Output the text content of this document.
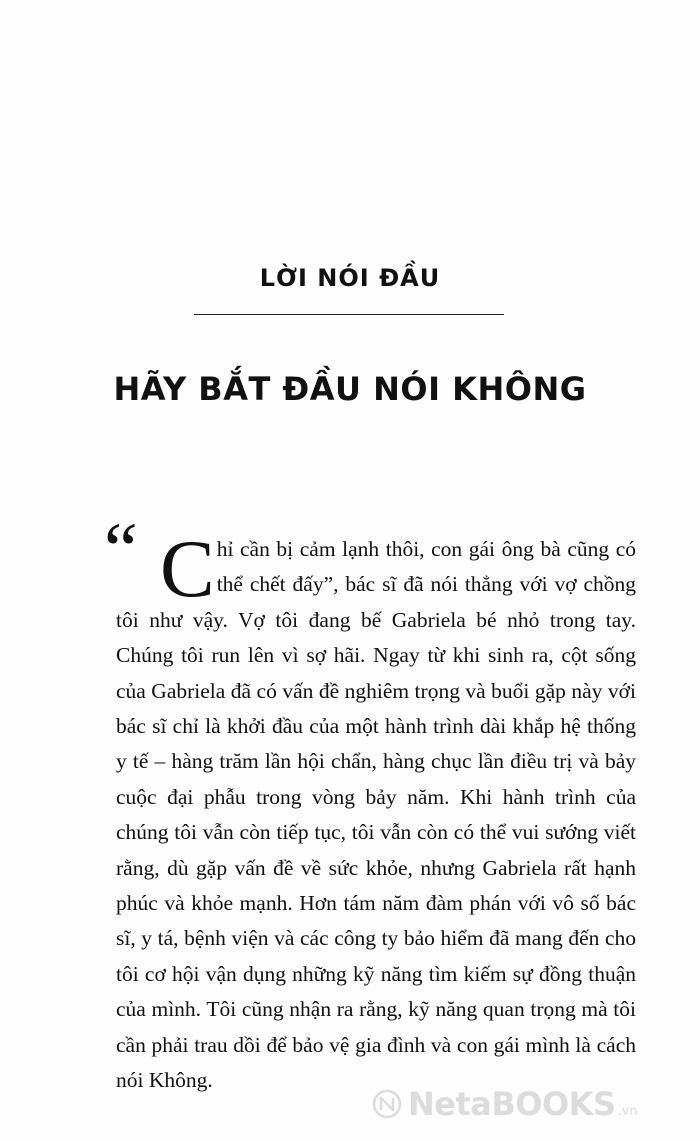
LỜI NÓI ĐẦU
HÃY BẮT ĐẦU NÓI KHÔNG
“ C hỉ cần bị cảm lạnh thôi, con gái ông bà cũng có thể chết đấy”, bác sĩ đã nói thẳng với vợ chồng tôi như vậy. Vợ tôi đang bế Gabriela bé nhỏ trong tay. Chúng tôi run lên vì sợ hãi. Ngay từ khi sinh ra, cột sống của Gabriela đã có vấn đề nghiêm trọng và buổi gặp này với bác sĩ chỉ là khởi đầu của một hành trình dài khắp hệ thống y tế – hàng trăm lần hội chẩn, hàng chục lần điều trị và bảy cuộc đại phẫu trong vòng bảy năm. Khi hành trình của chúng tôi vẫn còn tiếp tục, tôi vẫn còn có thể vui sướng viết rằng, dù gặp vấn đề về sức khỏe, nhưng Gabriela rất hạnh phúc và khỏe mạnh. Hơn tám năm đàm phán với vô số bác sĩ, y tá, bệnh viện và các công ty bảo hiểm đã mang đến cho tôi cơ hội vận dụng những kỹ năng tìm kiếm sự đồng thuận của mình. Tôi cũng nhận ra rằng, kỹ năng quan trọng mà tôi cần phải trau dồi để bảo vệ gia đình và con gái mình là cách nói Không.

NetaBOOKS .vn
